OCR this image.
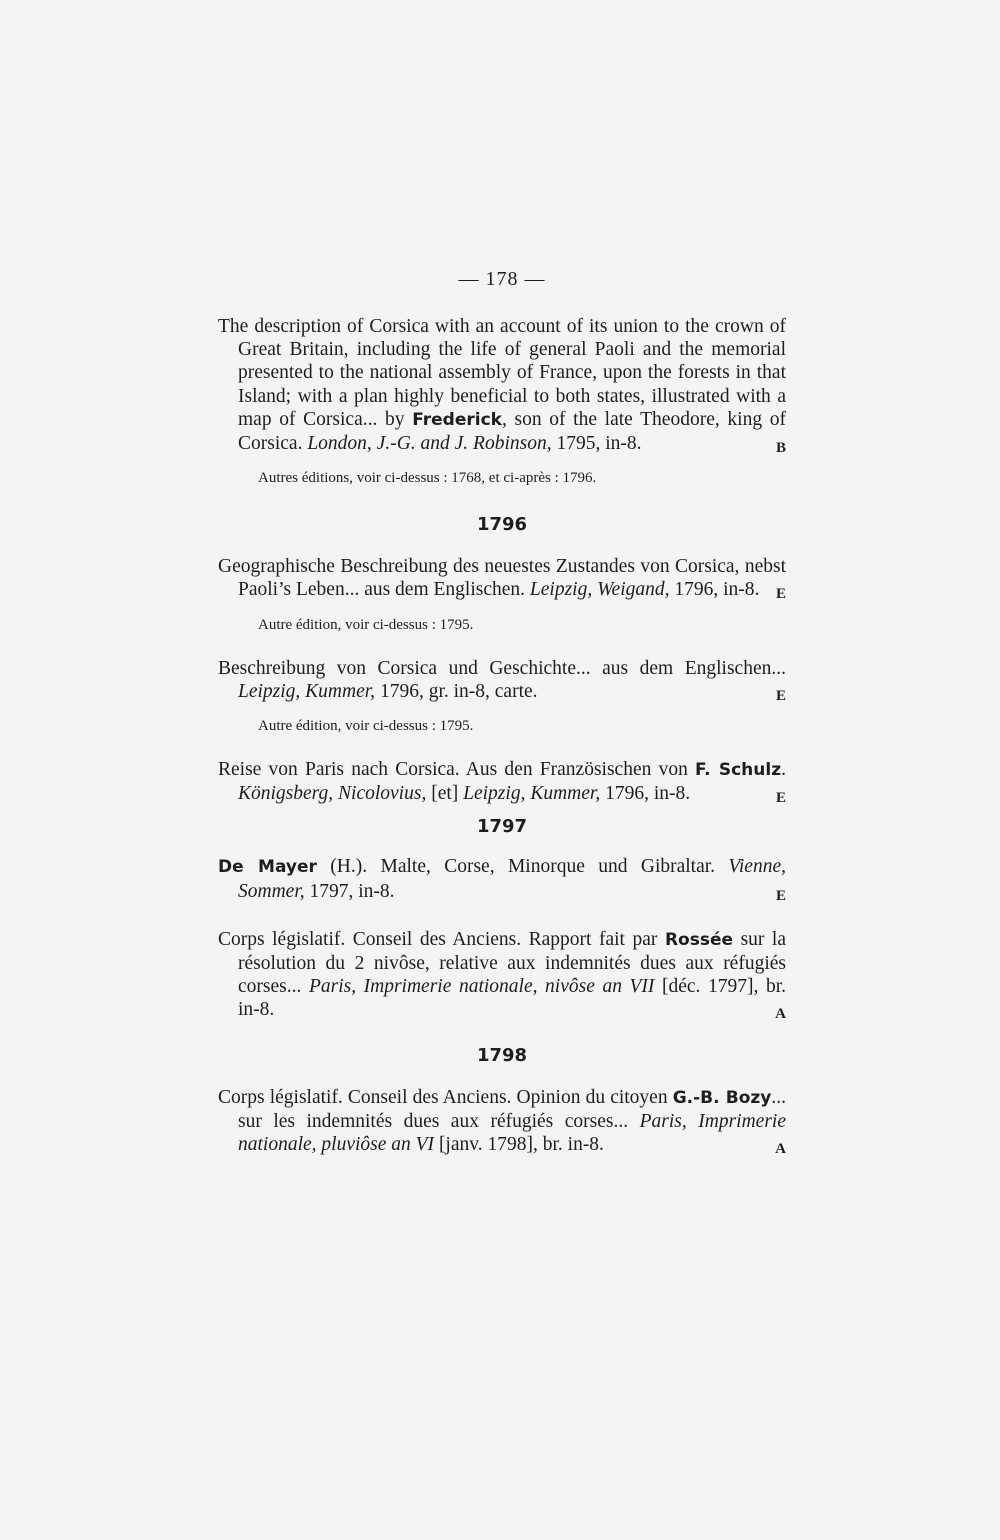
— 178 —

The description of Corsica with an account of its union to the crown of Great Britain, including the life of general Paoli and the memorial presented to the national assembly of France, upon the forests in that Island; with a plan highly beneficial to both states, illustrated with a map of Corsica... by Frederick, son of the late Theodore, king of Corsica. London, J.-G. and J. Robinson, 1795, in-8.	B

Autres éditions, voir ci-dessus : 1768, et ci-après : 1796.

1796

Geographische Beschreibung des neuestes Zustandes von Corsica, nebst Paoli’s Leben... aus dem Englischen. Leipzig, Weigand, 1796, in-8. E

Autre édition, voir ci-dessus : 1795.

Beschreibung von Corsica und Geschichte... aus dem Englischen... Leipzig, Kummer, 1796, gr. in-8, carte.	E

Autre édition, voir ci-dessus : 1795.

Reise von Paris nach Corsica. Aus den Französischen von F. Schulz. Königsberg, Nicolovius, [et] Leipzig, Kummer, 1796, in-8.	E

1797

De Mayer (H.). Malte, Corse, Minorque und Gibraltar. Vienne, Sommer, 1797, in-8.	E

Corps législatif. Conseil des Anciens. Rapport fait par Rossée sur la résolution du 2 nivôse, relative aux indemnités dues aux réfugiés corses... Paris, Imprimerie nationale, nivôse an VII [déc. 1797], br. in-8.	A

1798

Corps législatif. Conseil des Anciens. Opinion du citoyen G.-B. Bozy... sur les indemnités dues aux réfugiés corses... Paris, Imprimerie nationale, pluviôse an VI [janv. 1798], br. in-8.	A
